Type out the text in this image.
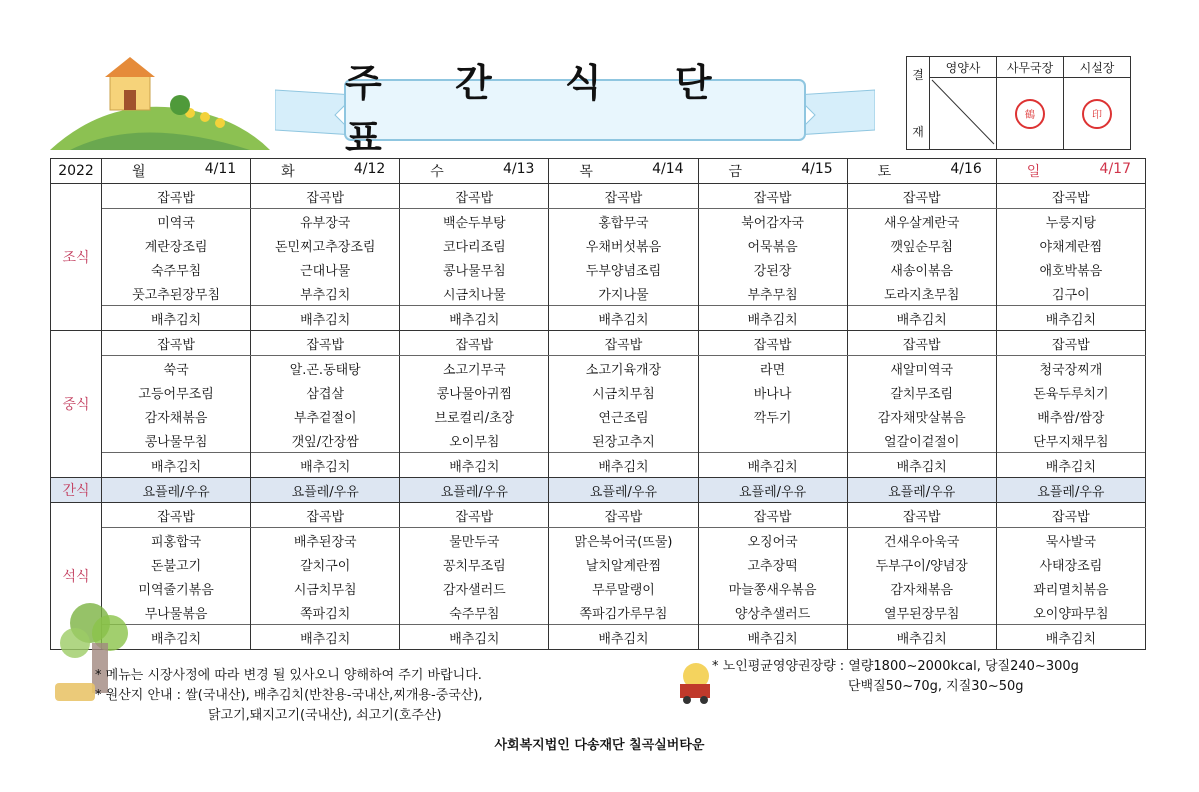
주 간 식 단 표
결
재	영양사	사무국장	시설장
	鶴	印
2022	월 4/11	화 4/12	수 4/13	목 4/14	금 4/15	토 4/16	일 4/17

조식	잡곡밥	잡곡밥	잡곡밥	잡곡밥	잡곡밥	잡곡밥	잡곡밥
	미역국	유부장국	백순두부탕	홍합무국	북어감자국	새우살계란국	누룽지탕
	계란장조림	돈민찌고추장조림	코다리조림	우채버섯볶음	어묵볶음	깻잎순무침	야채계란찜
	숙주무침	근대나물	콩나물무침	두부양념조림	강된장	새송이볶음	애호박볶음
	풋고추된장무침	부추김치	시금치나물	가지나물	부추무침	도라지초무침	김구이
	배추김치	배추김치	배추김치	배추김치	배추김치	배추김치	배추김치
중식	잡곡밥	잡곡밥	잡곡밥	잡곡밥	잡곡밥	잡곡밥	잡곡밥
	쑥국	알.곤.동태탕	소고기무국	소고기육개장	라면	새알미역국	청국장찌개
	고등어무조림	삼겹살	콩나물아귀찜	시금치무침	바나나	갈치무조림	돈육두루치기
	감자채볶음	부추겉절이	브로컬리/초장	연근조림	깍두기	감자채맛살볶음	배추쌈/쌈장
	콩나물무침	갯잎/간장쌈	오이무침	된장고추지		얼갈이겉절이	단무지채무침
	배추김치	배추김치	배추김치	배추김치	배추김치	배추김치	배추김치
간식	요플레/우유	요플레/우유	요플레/우유	요플레/우유	요플레/우유	요플레/우유	요플레/우유
석식	잡곡밥	잡곡밥	잡곡밥	잡곡밥	잡곡밥	잡곡밥	잡곡밥
	피홍합국	배추된장국	물만두국	맑은북어국(뜨물)	오징어국	건새우아욱국	묵사발국
	돈불고기	갈치구이	꽁치무조림	날치알계란찜	고추장떡	두부구이/양념장	사태장조림
	미역줄기볶음	시금치무침	감자샐러드	무루말랭이	마늘쫑새우볶음	감자채볶음	꽈리멸치볶음
	무나물볶음	쪽파김치	숙주무침	쪽파김가루무침	양상추샐러드	열무된장무침	오이양파무침
	배추김치	배추김치	배추김치	배추김치	배추김치	배추김치	배추김치
* 메뉴는 시장사정에 따라 변경 될 있사오니 양해하여 주기 바랍니다.
* 원산지 안내 : 쌀(국내산), 배추김치(반찬용-국내산,찌개용-중국산),
닭고기,돼지고기(국내산), 쇠고기(호주산)
* 노인평균영양권장량 : 열량1800~2000kcal, 당질240~300g
단백질50~70g, 지질30~50g
사회복지법인 다송재단 칠곡실버타운
